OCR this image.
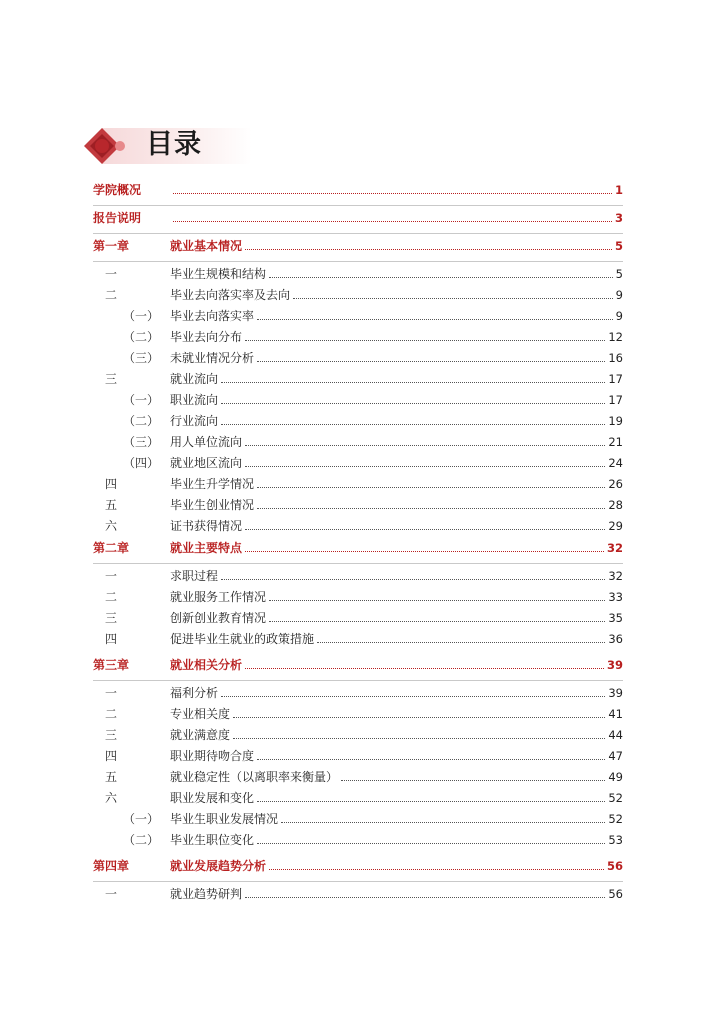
目录
学院概况	1
报告说明	3
第一章	就业基本情况	5
一	毕业生规模和结构	5
二	毕业去向落实率及去向	9
（一） 毕业去向落实率	9
（二） 毕业去向分布	12
（三） 未就业情况分析	16
三	就业流向	17
（一） 职业流向	17
（二） 行业流向	19
（三） 用人单位流向	21
（四） 就业地区流向	24
四	毕业生升学情况	26
五	毕业生创业情况	28
六	证书获得情况	29
第二章	就业主要特点	32
一	求职过程	32
二	就业服务工作情况	33
三	创新创业教育情况	35
四	促进毕业生就业的政策措施	36
第三章	就业相关分析	39
一	福利分析	39
二	专业相关度	41
三	就业满意度	44
四	职业期待吻合度	47
五	就业稳定性（以离职率来衡量）	49
六	职业发展和变化	52
（一） 毕业生职业发展情况	52
（二） 毕业生职位变化	53
第四章	就业发展趋势分析	56
一	就业趋势研判	56
